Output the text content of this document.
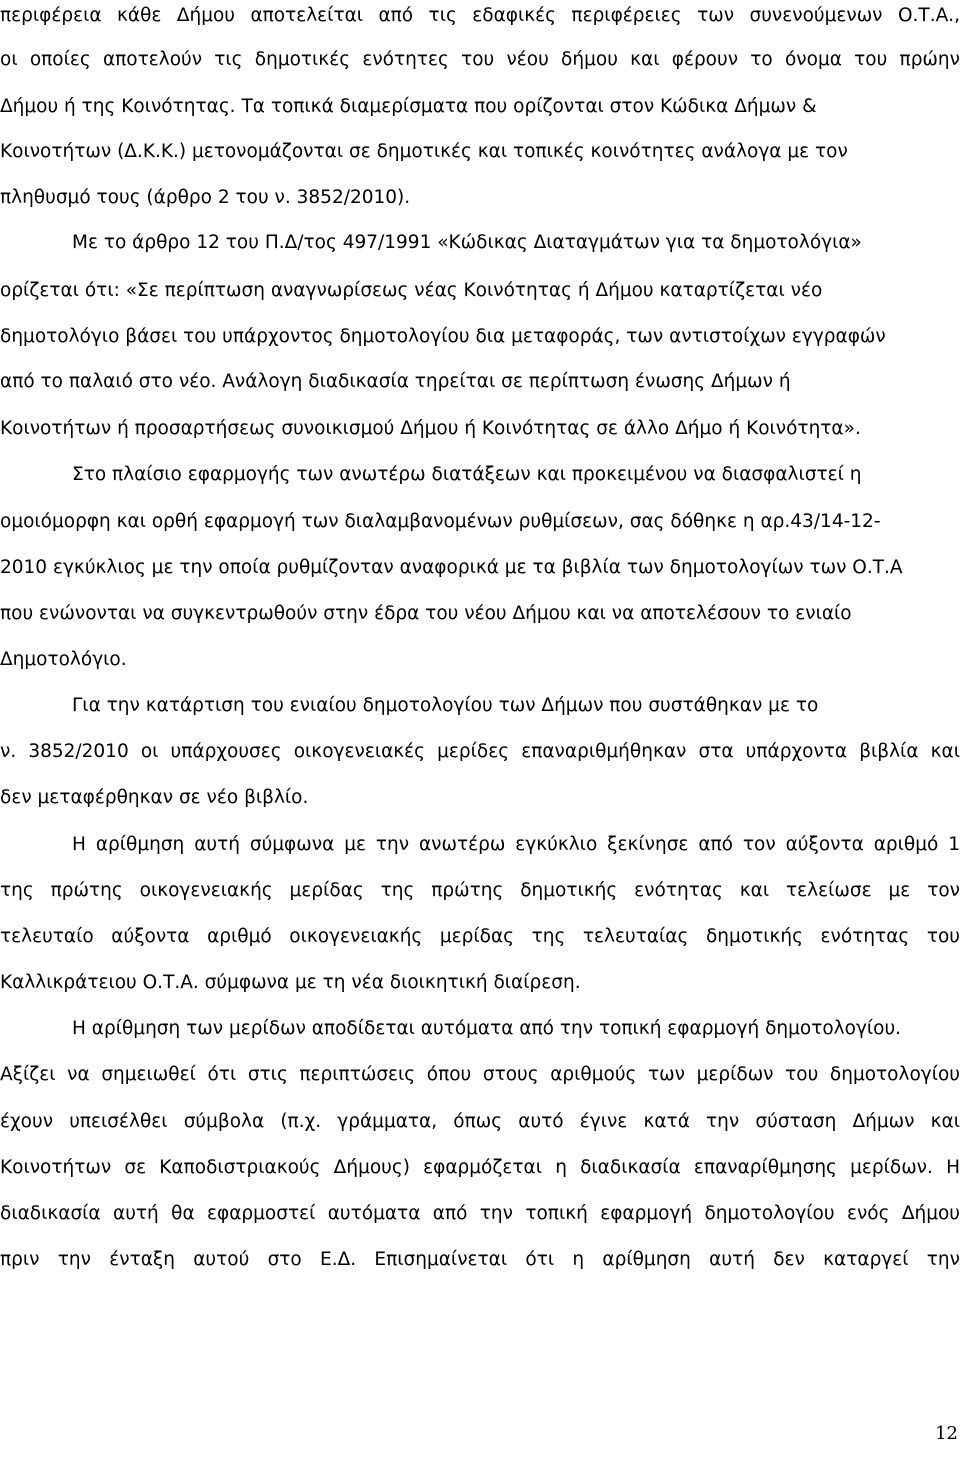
περιφέρεια κάθε Δήμου αποτελείται από τις εδαφικές περιφέρειες των συνενούμενων Ο.Τ.Α.,
οι οποίες αποτελούν τις δημοτικές ενότητες του νέου δήμου και φέρουν το όνομα του πρώην
Δήμου ή της Κοινότητας. Τα τοπικά διαμερίσματα που ορίζονται στον Κώδικα Δήμων &
Κοινοτήτων (Δ.Κ.Κ.) μετονομάζονται σε δημοτικές και τοπικές κοινότητες ανάλογα με τον
πληθυσμό τους (άρθρο 2 του ν. 3852/2010).
Με το άρθρο 12 του Π.Δ/τος 497/1991 «Κώδικας Διαταγμάτων για τα δημοτολόγια»
ορίζεται ότι: «Σε περίπτωση αναγνωρίσεως νέας Κοινότητας ή Δήμου καταρτίζεται νέο
δημοτολόγιο βάσει του υπάρχοντος δημοτολογίου δια μεταφοράς, των αντιστοίχων εγγραφών
από το παλαιό στο νέο. Ανάλογη διαδικασία τηρείται σε περίπτωση ένωσης Δήμων ή
Κοινοτήτων ή προσαρτήσεως συνοικισμού Δήμου ή Κοινότητας σε άλλο Δήμο ή Κοινότητα».
Στο πλαίσιο εφαρμογής των ανωτέρω διατάξεων και προκειμένου να διασφαλιστεί η
ομοιόμορφη και ορθή εφαρμογή των διαλαμβανομένων ρυθμίσεων, σας δόθηκε η αρ.43/14-12-
2010 εγκύκλιος με την οποία ρυθμίζονταν αναφορικά με τα βιβλία των δημοτολογίων των Ο.Τ.Α
που ενώνονται να συγκεντρωθούν στην έδρα του νέου Δήμου και να αποτελέσουν το ενιαίο
Δημοτολόγιο.
Για την κατάρτιση του ενιαίου δημοτολογίου των Δήμων που συστάθηκαν με το
ν. 3852/2010 οι υπάρχουσες οικογενειακές μερίδες επαναριθμήθηκαν στα υπάρχοντα βιβλία και
δεν μεταφέρθηκαν σε νέο βιβλίο.
Η αρίθμηση αυτή σύμφωνα με την ανωτέρω εγκύκλιο ξεκίνησε από τον αύξοντα αριθμό 1
της πρώτης οικογενειακής μερίδας της πρώτης δημοτικής ενότητας και τελείωσε με τον
τελευταίο αύξοντα αριθμό οικογενειακής μερίδας της τελευταίας δημοτικής ενότητας του
Καλλικράτειου Ο.Τ.Α. σύμφωνα με τη νέα διοικητική διαίρεση.
Η αρίθμηση των μερίδων αποδίδεται αυτόματα από την τοπική εφαρμογή δημοτολογίου.
Αξίζει να σημειωθεί ότι στις περιπτώσεις όπου στους αριθμούς των μερίδων του δημοτολογίου
έχουν υπεισέλθει σύμβολα (π.χ. γράμματα, όπως αυτό έγινε κατά την σύσταση Δήμων και
Κοινοτήτων σε Καποδιστριακούς Δήμους) εφαρμόζεται η διαδικασία επαναρίθμησης μερίδων. Η
διαδικασία αυτή θα εφαρμοστεί αυτόματα από την τοπική εφαρμογή δημοτολογίου ενός Δήμου
πριν την ένταξη αυτού στο Ε.Δ. Επισημαίνεται ότι η αρίθμηση αυτή δεν καταργεί την
12
